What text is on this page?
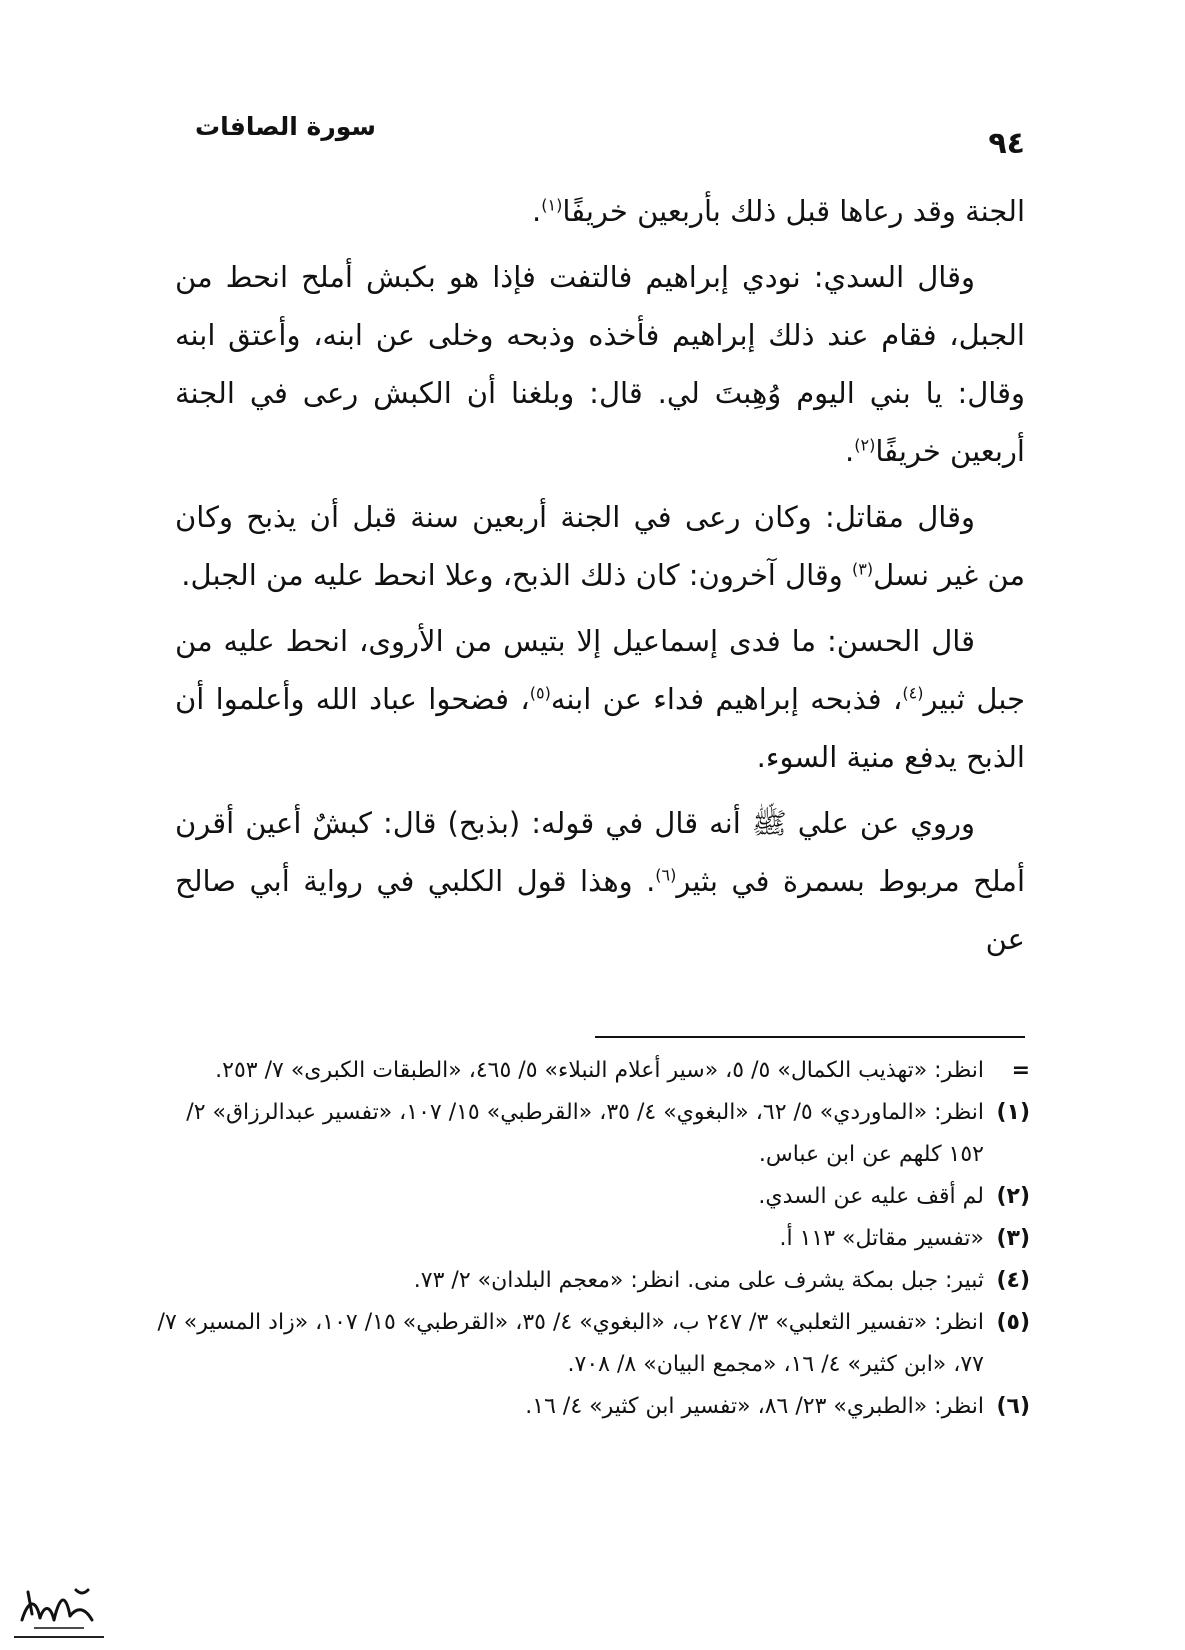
٩٤
سورة الصافات

الجنة وقد رعاها قبل ذلك بأربعين خريفًا$^{(١)}$.

وقال السدي: نودي إبراهيم فالتفت فإذا هو بكبش أملح انحط من الجبل، فقام عند ذلك إبراهيم فأخذه وذبحه وخلى عن ابنه، وأعتق ابنه وقال: يا بني اليوم وُهِبتَ لي. قال: وبلغنا أن الكبش رعى في الجنة أربعين خريفًا$^{(٢)}$.

وقال مقاتل: وكان رعى في الجنة أربعين سنة قبل أن يذبح وكان من غير نسل$^{(٣)}$ وقال آخرون: كان ذلك الذبح، وعلا انحط عليه من الجبل.

قال الحسن: ما فدى إسماعيل إلا بتيس من الأروى، انحط عليه من جبل ثبير$^{(٤)}$، فذبحه إبراهيم فداء عن ابنه$^{(٥)}$، فضحوا عباد الله وأعلموا أن الذبح يدفع منية السوء.

وروي عن علي ﷺ أنه قال في قوله: (بذبح) قال: كبشٌ أعين أقرن أملح مربوط بسمرة في بثير$^{(٦)}$. وهذا قول الكلبي في رواية أبي صالح عن

=
انظر: «تهذيب الكمال» ٥/ ٥، «سير أعلام النبلاء» ٥/ ٤٦٥، «الطبقات الكبرى» ٧/ ٢٥٣.
(١)
انظر: «الماوردي» ٥/ ٦٢، «البغوي» ٤/ ٣٥، «القرطبي» ١٥/ ١٠٧، «تفسير عبدالرزاق» ٢/ ١٥٢ كلهم عن ابن عباس.
(٢)
لم أقف عليه عن السدي.
(٣)
«تفسير مقاتل» ١١٣ أ.
(٤)
ثبير: جبل بمكة يشرف على منى. انظر: «معجم البلدان» ٢/ ٧٣.
(٥)
انظر: «تفسير الثعلبي» ٣/ ٢٤٧ ب، «البغوي» ٤/ ٣٥، «القرطبي» ١٥/ ١٠٧، «زاد المسير» ٧/ ٧٧، «ابن كثير» ٤/ ١٦، «مجمع البيان» ٨/ ٧٠٨.
(٦)
انظر: «الطبري» ٢٣/ ٨٦، «تفسير ابن كثير» ٤/ ١٦.
